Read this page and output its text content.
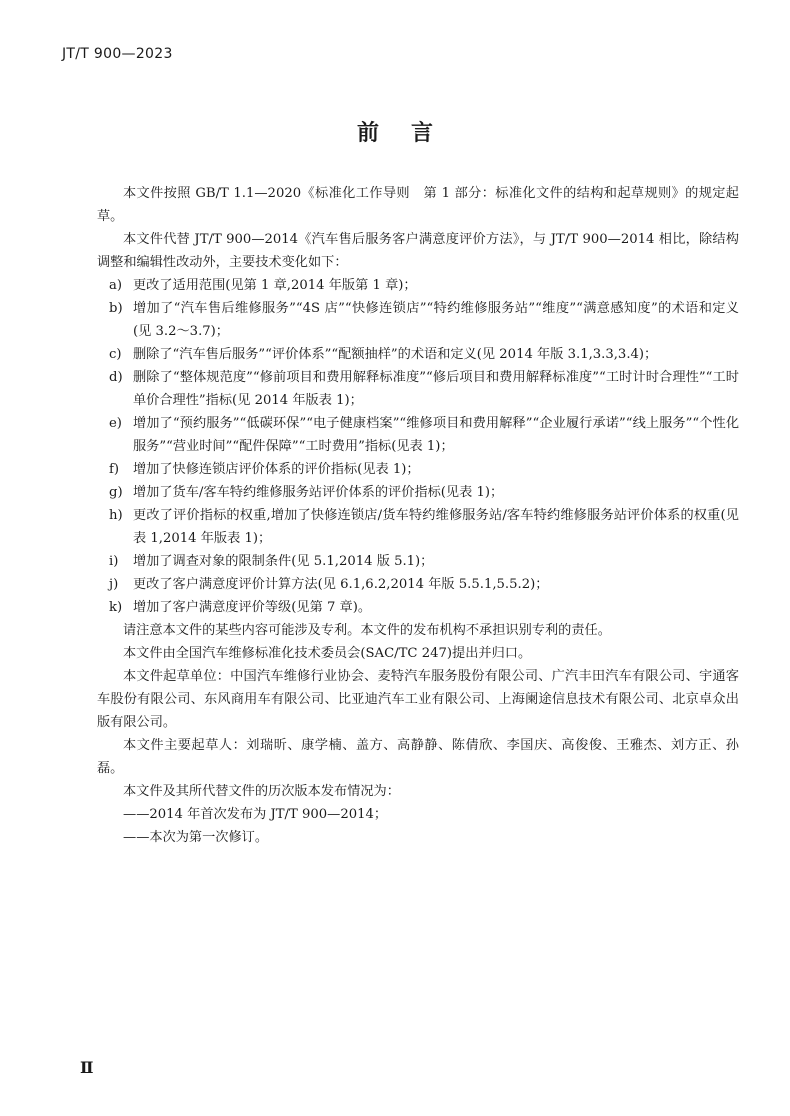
JT/T 900—2023
前言

本文件按照 GB/T 1.1—2020《标准化工作导则　第 1 部分：标准化文件的结构和起草规则》的规定起草。

本文件代替 JT/T 900—2014《汽车售后服务客户满意度评价方法》，与 JT/T 900—2014 相比，除结构调整和编辑性改动外，主要技术变化如下：

a) 更改了适用范围(见第 1 章,2014 年版第 1 章)；
b) 增加了“汽车售后维修服务”“4S 店”“快修连锁店”“特约维修服务站”“维度”“满意感知度”的术语和定义(见 3.2～3.7)；
c) 删除了“汽车售后服务”“评价体系”“配额抽样”的术语和定义(见 2014 年版 3.1,3.3,3.4)；
d) 删除了“整体规范度”“修前项目和费用解释标准度”“修后项目和费用解释标准度”“工时计时合理性”“工时单价合理性”指标(见 2014 年版表 1)；
e) 增加了“预约服务”“低碳环保”“电子健康档案”“维修项目和费用解释”“企业履行承诺”“线上服务”“个性化服务”“营业时间”“配件保障”“工时费用”指标(见表 1)；
f)	增加了快修连锁店评价体系的评价指标(见表 1)；
g) 增加了货车/客车特约维修服务站评价体系的评价指标(见表 1)；
h) 更改了评价指标的权重,增加了快修连锁店/货车特约维修服务站/客车特约维修服务站评价体系的权重(见表 1,2014 年版表 1)；
i)	增加了调查对象的限制条件(见 5.1,2014 版 5.1)；
j)	更改了客户满意度评价计算方法(见 6.1,6.2,2014 年版 5.5.1,5.5.2)；
k) 增加了客户满意度评价等级(见第 7 章)。

请注意本文件的某些内容可能涉及专利。本文件的发布机构不承担识别专利的责任。

本文件由全国汽车维修标准化技术委员会(SAC/TC 247)提出并归口。

本文件起草单位：中国汽车维修行业协会、麦特汽车服务股份有限公司、广汽丰田汽车有限公司、宇通客车股份有限公司、东风商用车有限公司、比亚迪汽车工业有限公司、上海阑途信息技术有限公司、北京卓众出版有限公司。

本文件主要起草人：刘瑞昕、康学楠、盖方、高静静、陈倩欣、李国庆、高俊俊、王雅杰、刘方正、孙磊。

本文件及其所代替文件的历次版本发布情况为：

——2014 年首次发布为 JT/T 900—2014；

——本次为第一次修订。

Ⅱ
